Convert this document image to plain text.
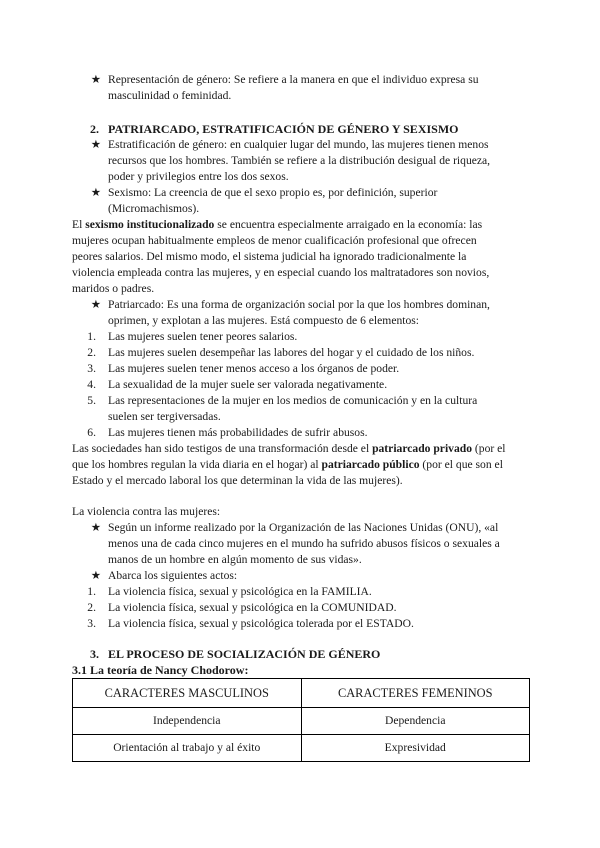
★ Representación de género: Se refiere a la manera en que el individuo expresa su
masculinidad o feminidad.
2. PATRIARCADO, ESTRATIFICACIÓN DE GÉNERO Y SEXISMO
★ Estratificación de género: en cualquier lugar del mundo, las mujeres tienen menos
recursos que los hombres. También se refiere a la distribución desigual de riqueza,
poder y privilegios entre los dos sexos.
★ Sexismo: La creencia de que el sexo propio es, por definición, superior
(Micromachismos).
El sexismo institucionalizado se encuentra especialmente arraigado en la economía: las
mujeres ocupan habitualmente empleos de menor cualificación profesional que ofrecen
peores salarios. Del mismo modo, el sistema judicial ha ignorado tradicionalmente la
violencia empleada contra las mujeres, y en especial cuando los maltratadores son novios,
maridos o padres.
★ Patriarcado: Es una forma de organización social por la que los hombres dominan,
oprimen, y explotan a las mujeres. Está compuesto de 6 elementos:
1. Las mujeres suelen tener peores salarios.
2. Las mujeres suelen desempeñar las labores del hogar y el cuidado de los niños.
3. Las mujeres suelen tener menos acceso a los órganos de poder.
4. La sexualidad de la mujer suele ser valorada negativamente.
5. Las representaciones de la mujer en los medios de comunicación y en la cultura
suelen ser tergiversadas.
6. Las mujeres tienen más probabilidades de sufrir abusos.
Las sociedades han sido testigos de una transformación desde el patriarcado privado (por el
que los hombres regulan la vida diaria en el hogar) al patriarcado público (por el que son el
Estado y el mercado laboral los que determinan la vida de las mujeres).
La violencia contra las mujeres:
★ Según un informe realizado por la Organización de las Naciones Unidas (ONU), «al
menos una de cada cinco mujeres en el mundo ha sufrido abusos físicos o sexuales a
manos de un hombre en algún momento de sus vidas».
★ Abarca los siguientes actos:
1. La violencia física, sexual y psicológica en la FAMILIA.
2. La violencia física, sexual y psicológica en la COMUNIDAD.
3. La violencia física, sexual y psicológica tolerada por el ESTADO.
3. EL PROCESO DE SOCIALIZACIÓN DE GÉNERO
3.1 La teoría de Nancy Chodorow:
CARACTERES MASCULINOS	CARACTERES FEMENINOS
Independencia	Dependencia
Orientación al trabajo y al éxito	Expresividad
